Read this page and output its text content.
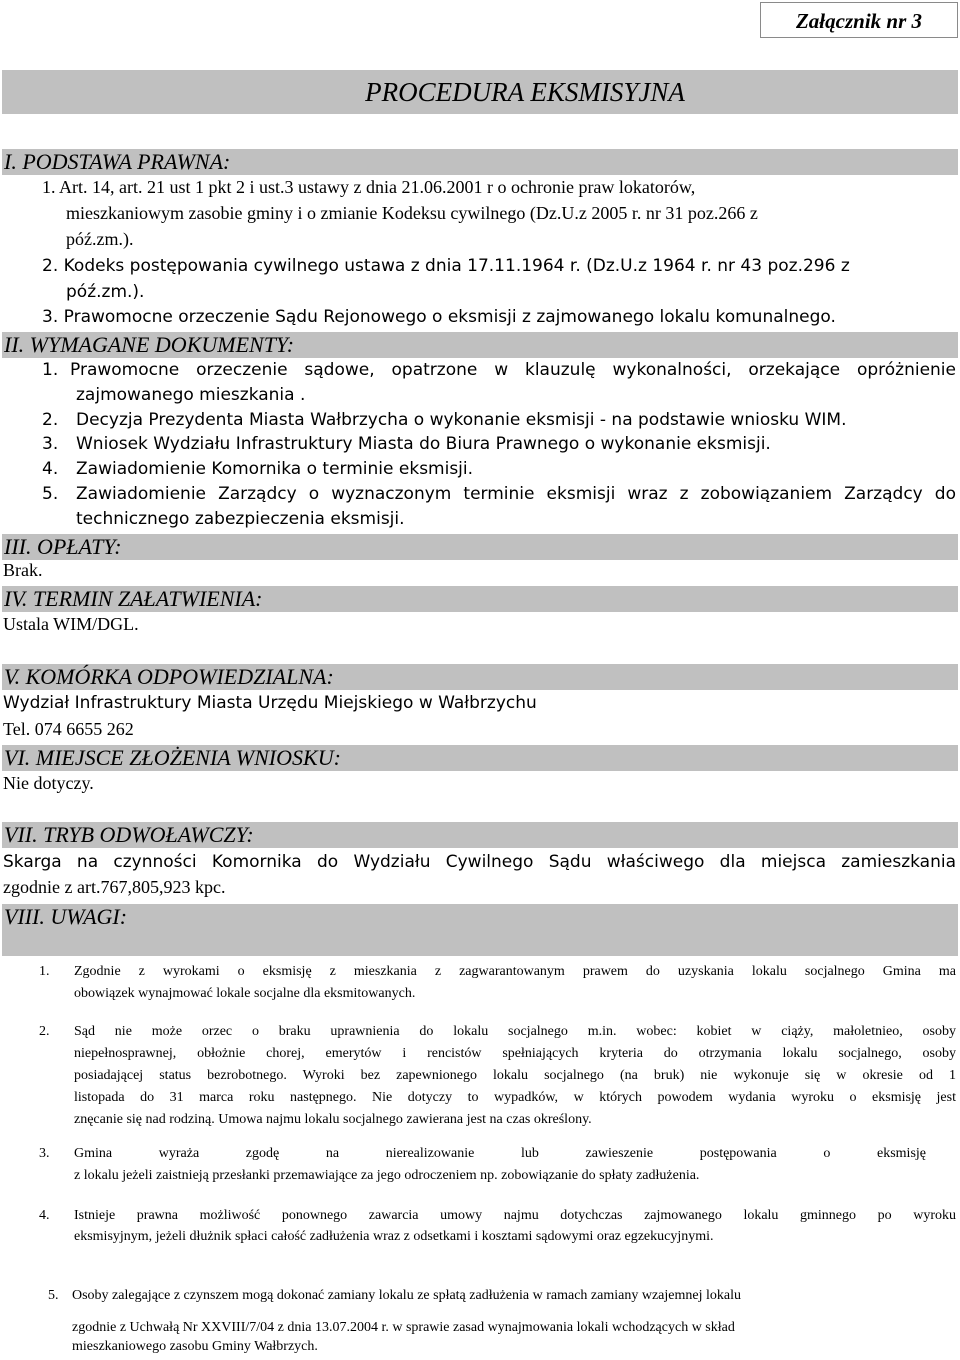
Załącznik nr 3
PROCEDURA EKSMISYJNA
I. PODSTAWA PRAWNA:
1. Art. 14, art. 21 ust 1 pkt 2 i ust.3 ustawy z dnia 21.06.2001 r o ochronie praw lokatorów,
mieszkaniowym zasobie gminy i o zmianie Kodeksu cywilnego (Dz.U.z 2005 r. nr 31 poz.266 z
póź.zm.).
2. Kodeks postępowania cywilnego ustawa z dnia 17.11.1964 r. (Dz.U.z 1964 r. nr 43 poz.296 z
póź.zm.).
3. Prawomocne orzeczenie Sądu Rejonowego o eksmisji z zajmowanego lokalu komunalnego.
II. WYMAGANE DOKUMENTY:
1. Prawomocne orzeczenie sądowe, opatrzone w klauzulę wykonalności, orzekające opróżnienie
zajmowanego mieszkania .
2. Decyzja Prezydenta Miasta Wałbrzycha o wykonanie eksmisji - na podstawie wniosku WIM.
3. Wniosek Wydziału Infrastruktury Miasta do Biura Prawnego o wykonanie eksmisji.
4. Zawiadomienie Komornika o terminie eksmisji.
5. Zawiadomienie Zarządcy o wyznaczonym terminie eksmisji wraz z zobowiązaniem Zarządcy do
technicznego zabezpieczenia eksmisji.
III. OPŁATY:
Brak.
IV. TERMIN ZAŁATWIENIA:
Ustala WIM/DGL.
V. KOMÓRKA ODPOWIEDZIALNA:
Wydział Infrastruktury Miasta Urzędu Miejskiego w Wałbrzychu
Tel. 074 6655 262
VI. MIEJSCE ZŁOŻENIA WNIOSKU:
Nie dotyczy.
VII. TRYB ODWOŁAWCZY:
Skarga na czynności Komornika do Wydziału Cywilnego Sądu właściwego dla miejsca zamieszkania
zgodnie z art.767,805,923 kpc.
VIII. UWAGI:
1. Zgodnie z wyrokami o eksmisję z mieszkania z zagwarantowanym prawem do uzyskania lokalu socjalnego Gmina ma
obowiązek wynajmować lokale socjalne dla eksmitowanych.
2. Sąd nie może orzec o braku uprawnienia do lokalu socjalnego m.in. wobec: kobiet w ciąży, małoletnieo, osoby
niepełnosprawnej, obłożnie chorej, emerytów i rencistów spełniających kryteria do otrzymania lokalu socjalnego, osoby
posiadającej status bezrobotnego. Wyroki bez zapewnionego lokalu socjalnego (na bruk) nie wykonuje się w okresie od 1
listopada do 31 marca roku następnego. Nie dotyczy to wypadków, w których powodem wydania wyroku o eksmisję jest
znęcanie się nad rodziną. Umowa najmu lokalu socjalnego zawierana jest na czas określony.
3. Gmina wyraża zgodę na nierealizowanie lub zawieszenie postępowania o eksmisję
z lokalu jeżeli zaistnieją przesłanki przemawiające za jego odroczeniem np. zobowiązanie do spłaty zadłużenia.
4. Istnieje prawna możliwość ponownego zawarcia umowy najmu dotychczas zajmowanego lokalu gminnego po wyroku
eksmisyjnym, jeżeli dłużnik spłaci całość zadłużenia wraz z odsetkami i kosztami sądowymi oraz egzekucyjnymi.
5. Osoby zalegające z czynszem mogą dokonać zamiany lokalu ze spłatą zadłużenia w ramach zamiany wzajemnej lokalu
zgodnie z Uchwałą Nr XXVIII/7/04 z dnia 13.07.2004 r. w sprawie zasad wynajmowania lokali wchodzących w skład
mieszkaniowego zasobu Gminy Wałbrzych.
